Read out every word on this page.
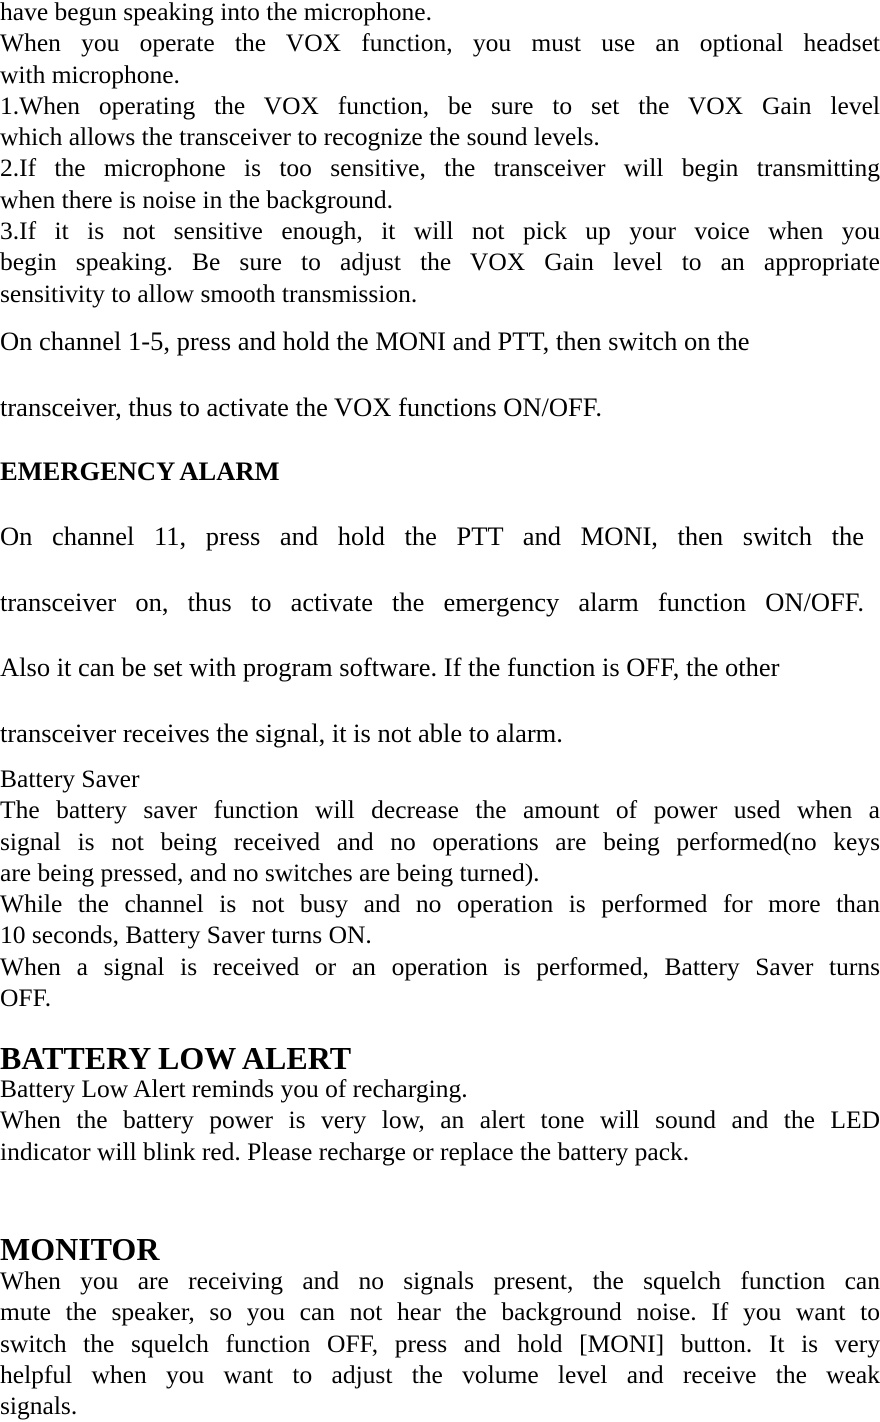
have begun speaking into the microphone.
When you operate the VOX function, you must use an optional headset
with microphone.
1.When operating the VOX function, be sure to set the VOX Gain level
which allows the transceiver to recognize the sound levels.
2.If the microphone is too sensitive, the transceiver will begin transmitting
when there is noise in the background.
3.If it is not sensitive enough, it will not pick up your voice when you
begin speaking. Be sure to adjust the VOX Gain level to an appropriate
sensitivity to allow smooth transmission.
On channel 1-5, press and hold the MONI and PTT, then switch on the
transceiver, thus to activate the VOX functions ON/OFF.
EMERGENCY ALARM
On channel 11, press and hold the PTT and MONI, then switch the
transceiver on, thus to activate the emergency alarm function ON/OFF.
Also it can be set with program software. If the function is OFF, the other
transceiver receives the signal, it is not able to alarm.
Battery Saver
The battery saver function will decrease the amount of power used when a
signal is not being received and no operations are being performed(no keys
are being pressed, and no switches are being turned).
While the channel is not busy and no operation is performed for more than
10 seconds, Battery Saver turns ON.
When a signal is received or an operation is performed, Battery Saver turns
OFF.
BATTERY LOW ALERT
Battery Low Alert reminds you of recharging.
When the battery power is very low, an alert tone will sound and the LED
indicator will blink red. Please recharge or replace the battery pack.
MONITOR
When you are receiving and no signals present, the squelch function can
mute the speaker, so you can not hear the background noise. If you want to
switch the squelch function OFF, press and hold [MONI] button. It is very
helpful when you want to adjust the volume level and receive the weak
signals.
